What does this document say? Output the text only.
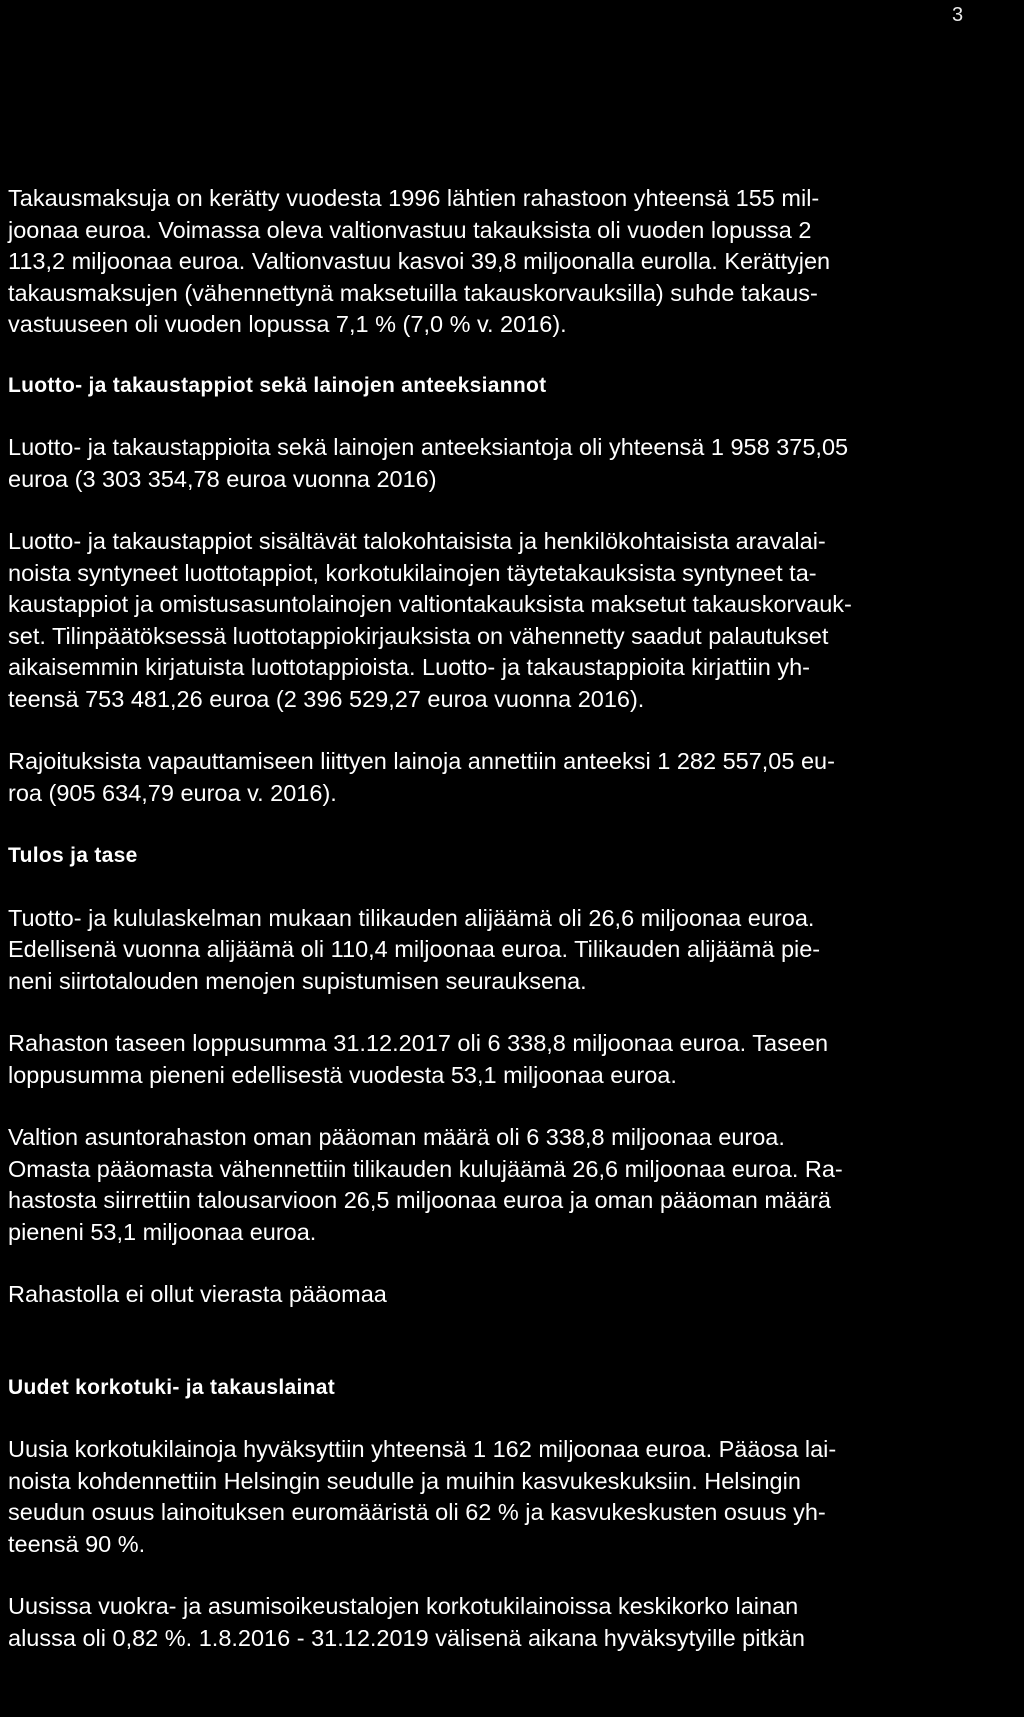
3

Takausmaksuja on kerätty vuodesta 1996 lähtien rahastoon yhteensä 155 mil-
joonaa euroa. Voimassa oleva valtionvastuu takauksista oli vuoden lopussa 2
113,2 miljoonaa euroa. Valtionvastuu kasvoi 39,8 miljoonalla eurolla. Kerättyjen
takausmaksujen (vähennettynä maksetuilla takauskorvauksilla) suhde takaus-
vastuuseen oli vuoden lopussa 7,1 % (7,0 % v. 2016).

Luotto- ja takaustappiot sekä lainojen anteeksiannot

Luotto- ja takaustappioita sekä lainojen anteeksiantoja oli yhteensä 1 958 375,05
euroa (3 303 354,78 euroa vuonna 2016)

Luotto- ja takaustappiot sisältävät talokohtaisista ja henkilökohtaisista aravalai-
noista syntyneet luottotappiot, korkotukilainojen täytetakauksista syntyneet ta-
kaustappiot ja omistusasuntolainojen valtiontakauksista maksetut takauskorvauk-
set. Tilinpäätöksessä luottotappiokirjauksista on vähennetty saadut palautukset
aikaisemmin kirjatuista luottotappioista. Luotto- ja takaustappioita kirjattiin yh-
teensä 753 481,26 euroa (2 396 529,27 euroa vuonna 2016).

Rajoituksista vapauttamiseen liittyen lainoja annettiin anteeksi 1 282 557,05 eu-
roa (905 634,79 euroa v. 2016).

Tulos ja tase

Tuotto- ja kululaskelman mukaan tilikauden alijäämä oli 26,6 miljoonaa euroa.
Edellisenä vuonna alijäämä oli 110,4 miljoonaa euroa. Tilikauden alijäämä pie-
neni siirtotalouden menojen supistumisen seurauksena.

Rahaston taseen loppusumma 31.12.2017 oli 6 338,8 miljoonaa euroa. Taseen
loppusumma pieneni edellisestä vuodesta 53,1 miljoonaa euroa.

Valtion asuntorahaston oman pääoman määrä oli 6 338,8 miljoonaa euroa.
Omasta pääomasta vähennettiin tilikauden kulujäämä 26,6 miljoonaa euroa. Ra-
hastosta siirrettiin talousarvioon 26,5 miljoonaa euroa ja oman pääoman määrä
pieneni 53,1 miljoonaa euroa.

Rahastolla ei ollut vierasta pääomaa

Uudet korkotuki- ja takauslainat

Uusia korkotukilainoja hyväksyttiin yhteensä 1 162 miljoonaa euroa. Pääosa lai-
noista kohdennettiin Helsingin seudulle ja muihin kasvukeskuksiin. Helsingin
seudun osuus lainoituksen euromääristä oli 62 % ja kasvukeskusten osuus yh-
teensä 90 %.

Uusissa vuokra- ja asumisoikeustalojen korkotukilainoissa keskikorko lainan
alussa oli 0,82 %. 1.8.2016 - 31.12.2019 välisenä aikana hyväksytyille pitkän
